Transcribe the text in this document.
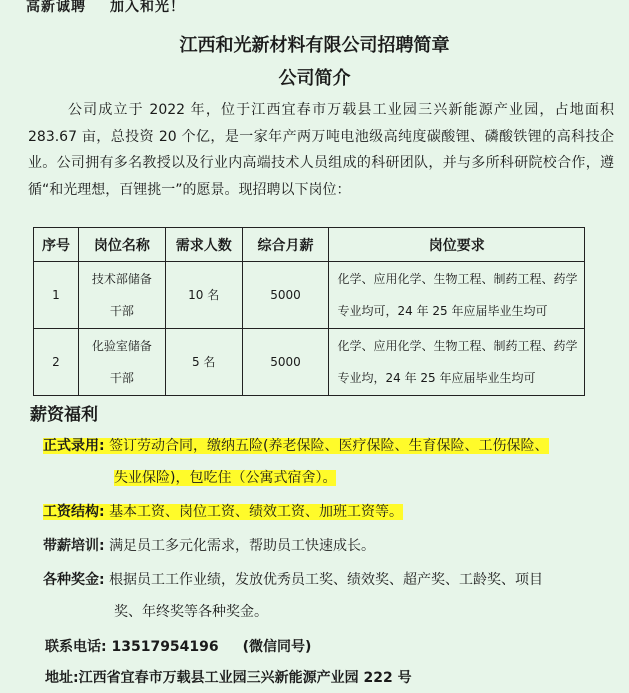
高新诚聘 加入和光！
江西和光新材料有限公司招聘简章
公司简介
公司成立于 2022 年，位于江西宜春市万载县工业园三兴新能源产业园，占地面积 283.67 亩，总投资 20 个亿，是一家年产两万吨电池级高纯度碳酸锂、磷酸铁锂的高科技企业。公司拥有多名教授以及行业内高端技术人员组成的科研团队，并与多所科研院校合作，遵循“和光理想，百锂挑一”的愿景。现招聘以下岗位：
序号	岗位名称	需求人数	综合月薪	岗位要求
1	技术部储备干部	10 名	5000	化学、应用化学、生物工程、制药工程、药学专业均可，24 年 25 年应届毕业生均可
2	化验室储备干部	5 名	5000	化学、应用化学、生物工程、制药工程、药学专业均，24 年 25 年应届毕业生均可
薪资福利
正式录用: 签订劳动合同，缴纳五险(养老保险、医疗保险、生育保险、工伤保险、
失业保险)，包吃住（公寓式宿舍）。
工资结构: 基本工资、岗位工资、绩效工资、加班工资等。
带薪培训: 满足员工多元化需求，帮助员工快速成长。
各种奖金: 根据员工工作业绩，发放优秀员工奖、绩效奖、超产奖、工龄奖、项目
奖、年终奖等各种奖金。
联系电话: 13517954196 (微信同号)
地址:江西省宜春市万载县工业园三兴新能源产业园 222 号
